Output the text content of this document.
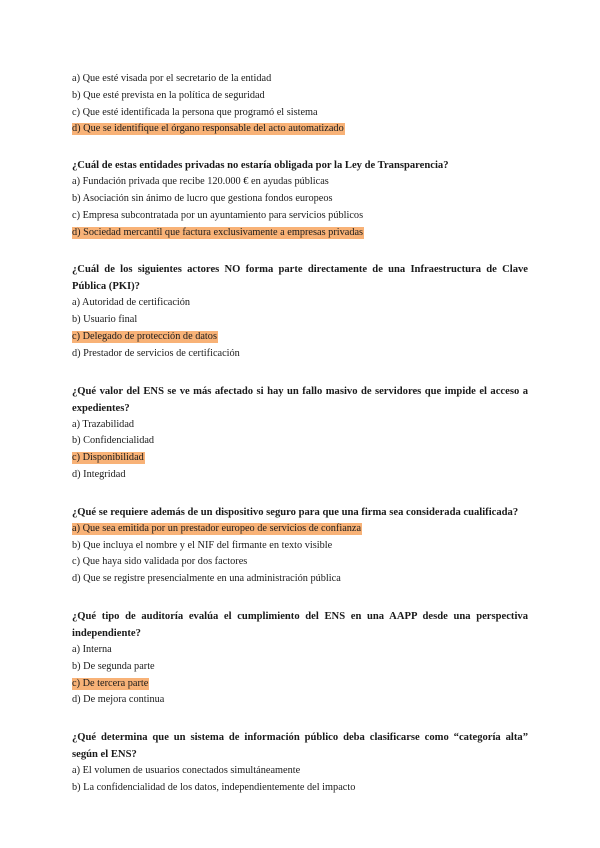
a) Que esté visada por el secretario de la entidad
b) Que esté prevista en la política de seguridad
c) Que esté identificada la persona que programó el sistema
d) Que se identifique el órgano responsable del acto automatizado
¿Cuál de estas entidades privadas no estaría obligada por la Ley de Transparencia?
a) Fundación privada que recibe 120.000 € en ayudas públicas
b) Asociación sin ánimo de lucro que gestiona fondos europeos
c) Empresa subcontratada por un ayuntamiento para servicios públicos
d) Sociedad mercantil que factura exclusivamente a empresas privadas
¿Cuál de los siguientes actores NO forma parte directamente de una Infraestructura de Clave Pública (PKI)?
a) Autoridad de certificación
b) Usuario final
c) Delegado de protección de datos
d) Prestador de servicios de certificación
¿Qué valor del ENS se ve más afectado si hay un fallo masivo de servidores que impide el acceso a expedientes?
a) Trazabilidad
b) Confidencialidad
c) Disponibilidad
d) Integridad
¿Qué se requiere además de un dispositivo seguro para que una firma sea considerada cualificada?
a) Que sea emitida por un prestador europeo de servicios de confianza
b) Que incluya el nombre y el NIF del firmante en texto visible
c) Que haya sido validada por dos factores
d) Que se registre presencialmente en una administración pública
¿Qué tipo de auditoría evalúa el cumplimiento del ENS en una AAPP desde una perspectiva independiente?
a) Interna
b) De segunda parte
c) De tercera parte
d) De mejora continua
¿Qué determina que un sistema de información público deba clasificarse como “categoría alta” según el ENS?
a) El volumen de usuarios conectados simultáneamente
b) La confidencialidad de los datos, independientemente del impacto
